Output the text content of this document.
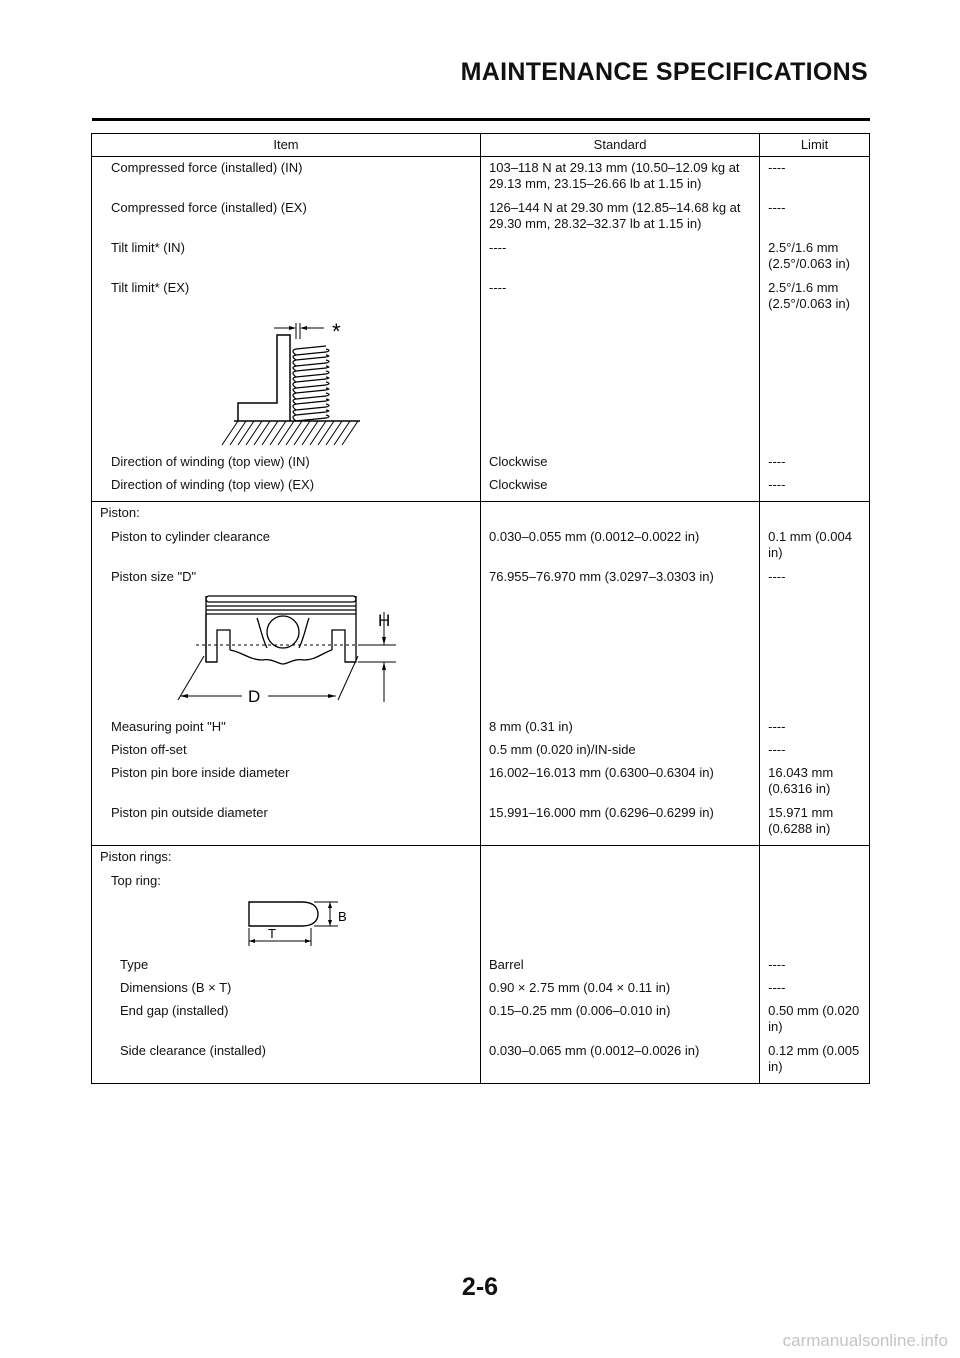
MAINTENANCE SPECIFICATIONS
Item	Standard	Limit
Compressed force (installed) (IN)	103–118 N at 29.13 mm (10.50–12.09 kg at 29.13 mm, 23.15–26.66 lb at 1.15 in)	----
Compressed force (installed) (EX)	126–144 N at 29.30 mm (12.85–14.68 kg at 29.30 mm, 28.32–32.37 lb at 1.15 in)	----
Tilt limit* (IN)	----	2.5°/1.6 mm (2.5°/0.063 in)
Tilt limit* (EX)	----	2.5°/1.6 mm (2.5°/0.063 in)

*		

Direction of winding (top view) (IN)	Clockwise	----
Direction of winding (top view) (EX)	Clockwise	----
Piston:		
Piston to cylinder clearance	0.030–0.055 mm (0.0012–0.0022 in)	0.1 mm (0.004 in)
Piston size "D"	76.955–76.970 mm (3.0297–3.0303 in)	----

H
D		

Measuring point "H"	8 mm (0.31 in)	----
Piston off-set	0.5 mm (0.020 in)/IN-side	----
Piston pin bore inside diameter	16.002–16.013 mm (0.6300–0.6304 in)	16.043 mm (0.6316 in)
Piston pin outside diameter	15.991–16.000 mm (0.6296–0.6299 in)	15.971 mm (0.6288 in)
Piston rings:		
Top ring:		

B
T		

Type	Barrel	----
Dimensions (B × T)	0.90 × 2.75 mm (0.04 × 0.11 in)	----
End gap (installed)	0.15–0.25 mm (0.006–0.010 in)	0.50 mm (0.020 in)
Side clearance (installed)	0.030–0.065 mm (0.0012–0.0026 in)	0.12 mm (0.005 in)
2-6
carmanualsonline.info
